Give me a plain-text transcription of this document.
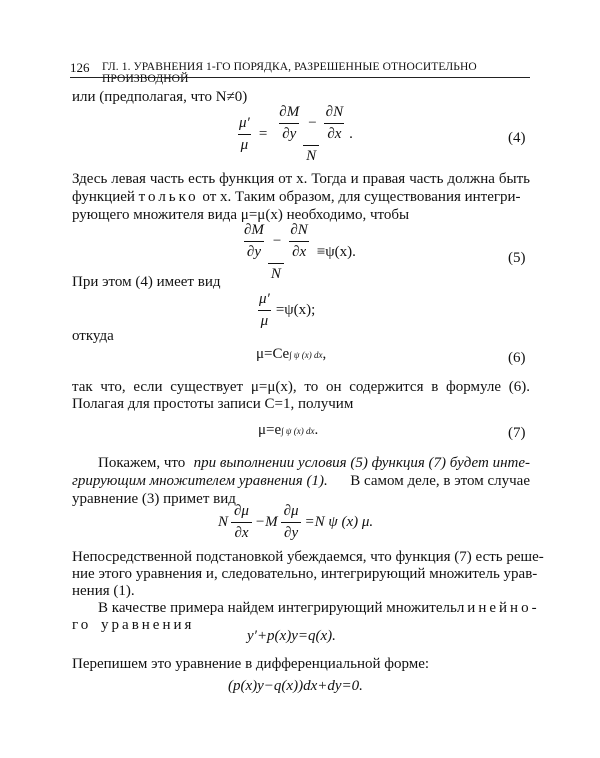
126 ГЛ. 1. УРАВНЕНИЯ 1-ГО ПОРЯДКА, РАЗРЕШЕННЫЕ ОТНОСИТЕЛЬНО ПРОИЗВОДНОЙ
или (предполагая, что N≠0)
$\frac{\mu'}{\mu} = \frac{\frac{\partial M}{\partial y} - \frac{\partial N}{\partial x}}{N}$ .	(4)
Здесь левая часть есть функция от x. Тогда и правая часть должна быть
функцией только от x. Таким образом, для существования интегри-
рующего множителя вида μ=μ(x) необходимо, чтобы
$\frac{\frac{\partial M}{\partial y} - \frac{\partial N}{\partial x}}{N} \equiv\psi(x)$.	(5)
При этом (4) имеет вид
$\frac{\mu'}{\mu} =\psi(x)$;
откуда
μ=Ce ∫ ψ (x) dx ,	(6)
так что, если существует μ=μ(x), то он содержится в формуле (6).
Полагая для простоты записи C=1, получим
μ=e ∫ ψ (x) dx .	(7)
Покажем, что при выполнении условия (5) функция (7) будет инте-
грирующим множителем уравнения (1). В самом деле, в этом случае
уравнение (3) примет вид
N $\frac{\partial\mu}{\partial x} -M \frac{\partial\mu}{\partial y} =N$ ψ (x) μ.
Непосредственной подстановкой убеждаемся, что функция (7) есть реше-
ние этого уравнения и, следовательно, интегрирующий множитель урав-
нения (1).
В качестве примера найдем интегрирующий множитель линейно-
го уравнения
y′+p(x)y=q(x).
Перепишем это уравнение в дифференциальной форме:
(p(x)y−q(x))dx+dy=0.
